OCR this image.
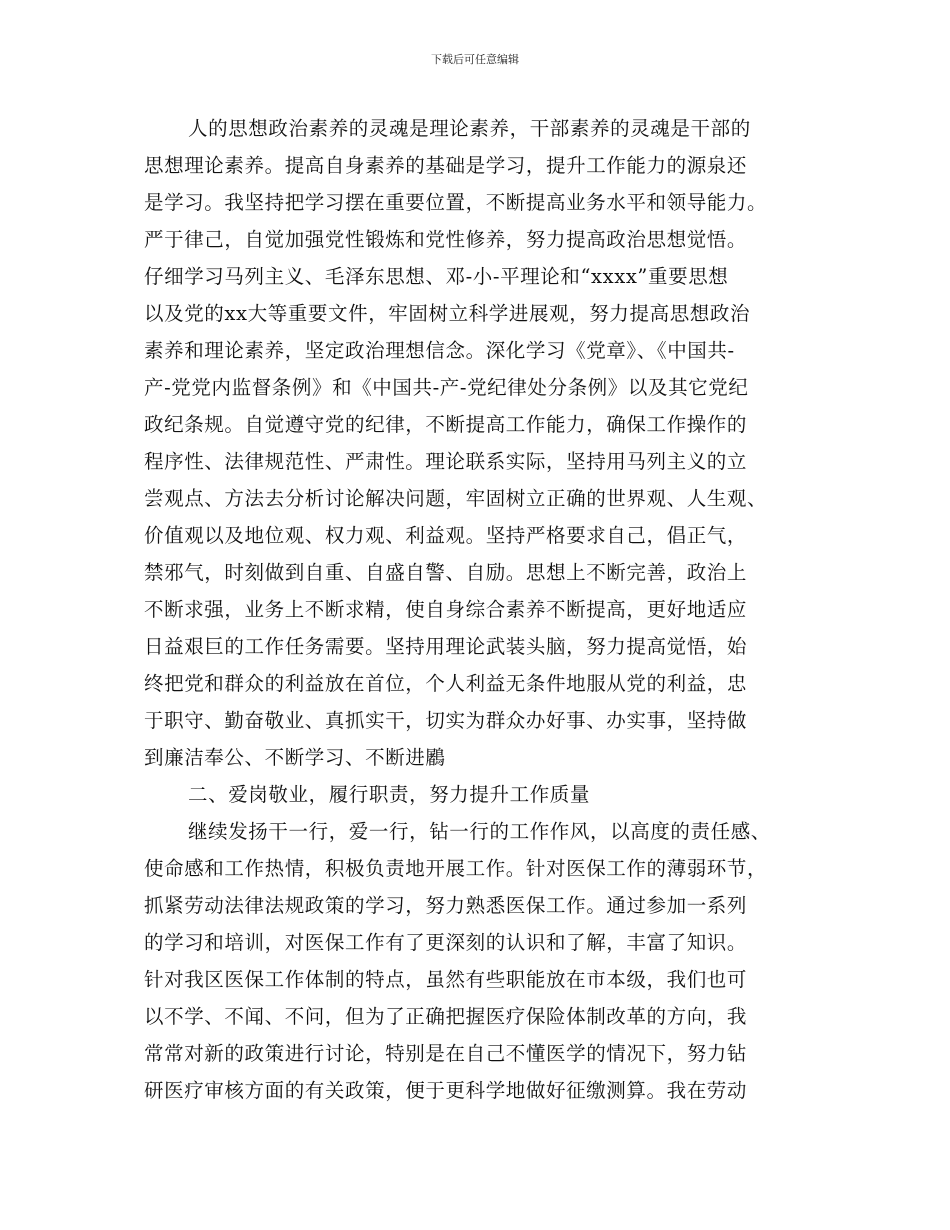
下载后可任意编辑
人的思想政治素养的灵魂是理论素养，干部素养的灵魂是干部的
思想理论素养。提高自身素养的基础是学习，提升工作能力的源泉还
是学习。我坚持把学习摆在重要位置，不断提高业务水平和领导能力。
严于律己，自觉加强党性锻炼和党性修养，努力提高政治思想觉悟。
仔细学习马列主义、毛泽东思想、邓-小-平理论和“xxxx”重要思想
以及党的xx大等重要文件，牢固树立科学进展观，努力提高思想政治
素养和理论素养，坚定政治理想信念。深化学习《党章》、《中国共-
产-党党内监督条例》和《中国共-产-党纪律处分条例》以及其它党纪
政纪条规。自觉遵守党的纪律，不断提高工作能力，确保工作操作的
程序性、法律规范性、严肃性。理论联系实际，坚持用马列主义的立
尝观点、方法去分析讨论解决问题，牢固树立正确的世界观、人生观、
价值观以及地位观、权力观、利益观。坚持严格要求自己，倡正气，
禁邪气，时刻做到自重、自盛自警、自励。思想上不断完善，政治上
不断求强，业务上不断求精，使自身综合素养不断提高，更好地适应
日益艰巨的工作任务需要。坚持用理论武装头脑，努力提高觉悟，始
终把党和群众的利益放在首位，个人利益无条件地服从党的利益，忠
于职守、勤奋敬业、真抓实干，切实为群众办好事、办实事，坚持做
到廉洁奉公、不断学习、不断进鷵
二、爱岗敬业，履行职责，努力提升工作质量
继续发扬干一行，爱一行，钻一行的工作作风，以高度的责任感、
使命感和工作热情，积极负责地开展工作。针对医保工作的薄弱环节，
抓紧劳动法律法规政策的学习，努力熟悉医保工作。通过参加一系列
的学习和培训，对医保工作有了更深刻的认识和了解，丰富了知识。
针对我区医保工作体制的特点，虽然有些职能放在市本级，我们也可
以不学、不闻、不问，但为了正确把握医疗保险体制改革的方向，我
常常对新的政策进行讨论，特别是在自己不懂医学的情况下，努力钻
研医疗审核方面的有关政策，便于更科学地做好征缴测算。我在劳动
